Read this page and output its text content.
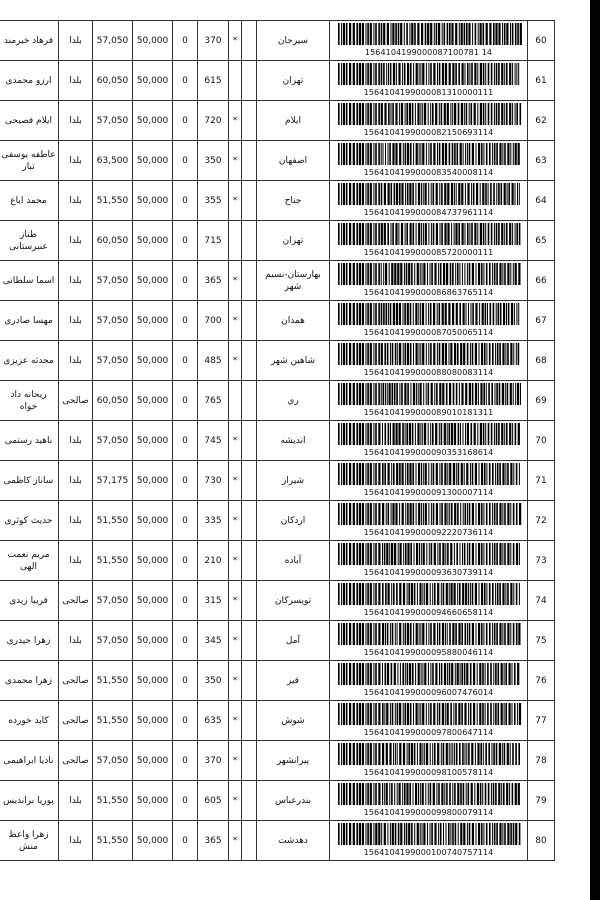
فرهاد خیرمند	بلدا	57,050	50,000	0	370	*		سیرجان	1564104199000087100781 14	60
ارزو محمدی	بلدا	60,050	50,000	0	615			تهران	1564104199000081310000111	61
ایلام فصیحی	بلدا	57,050	50,000	0	720	*		ایلام	1564104199000082150693114	62
عاطفه یوسفی تبار	بلدا	63,500	50,000	0	350	*		اصفهان	1564104199000083540008114	63
محمد اباع	بلدا	51,550	50,000	0	355	*		جناح	1564104199000084737961114	64
طناز عنبرستانی	بلدا	60,050	50,000	0	715			تهران	1564104199000085720000111	65
اسما سلطانی	بلدا	57,050	50,000	0	365	*		بهارستان-نسیم شهر	1564104199000086863765114	66
مهسا صادری	بلدا	57,050	50,000	0	700	*		همدان	1564104199000087050065114	67
محدثه عزیزی	بلدا	57,050	50,000	0	485	*		شاهین شهر	1564104199000088080083114	68
ریحانه داد خواه	صالحی	60,050	50,000	0	765			ري	1564104199000089010181311	69
ناهید رستمی	بلدا	57,050	50,000	0	745	*		اندیشه	1564104199000090353168614	70
ساناز کاظمی	بلدا	57,175	50,000	0	730	*		شیراز	1564104199000091300007114	71
حدیث کوثری	بلدا	51,550	50,000	0	335	*		اردکان	1564104199000092220736114	72
مریم نعمت الهی	بلدا	51,550	50,000	0	210	*		آباده	1564104199000093630739114	73
فریبا زیدی	صالحی	57,050	50,000	0	315	*		تویسرکان	1564104199000094660658114	74
زهرا حیدری	بلدا	57,050	50,000	0	345	*		آمل	1564104199000095880046114	75
زهرا محمدی	صالحی	51,550	50,000	0	350	*		قیر	1564104199000096007476014	76
کاید خورده	صالحی	51,550	50,000	0	635	*		شوش	1564104199000097800647114	77
نادیا ابراهیمی	صالحی	57,050	50,000	0	370	*		پیرانشهر	1564104199000098100578114	78
پوریا براندیس	بلدا	51,550	50,000	0	605	*		بندرعباس	1564104199000099800079114	79
زهرا واعظ منش	بلدا	51,550	50,000	0	365	*		دهدشت	1564104199000100740757114	80
